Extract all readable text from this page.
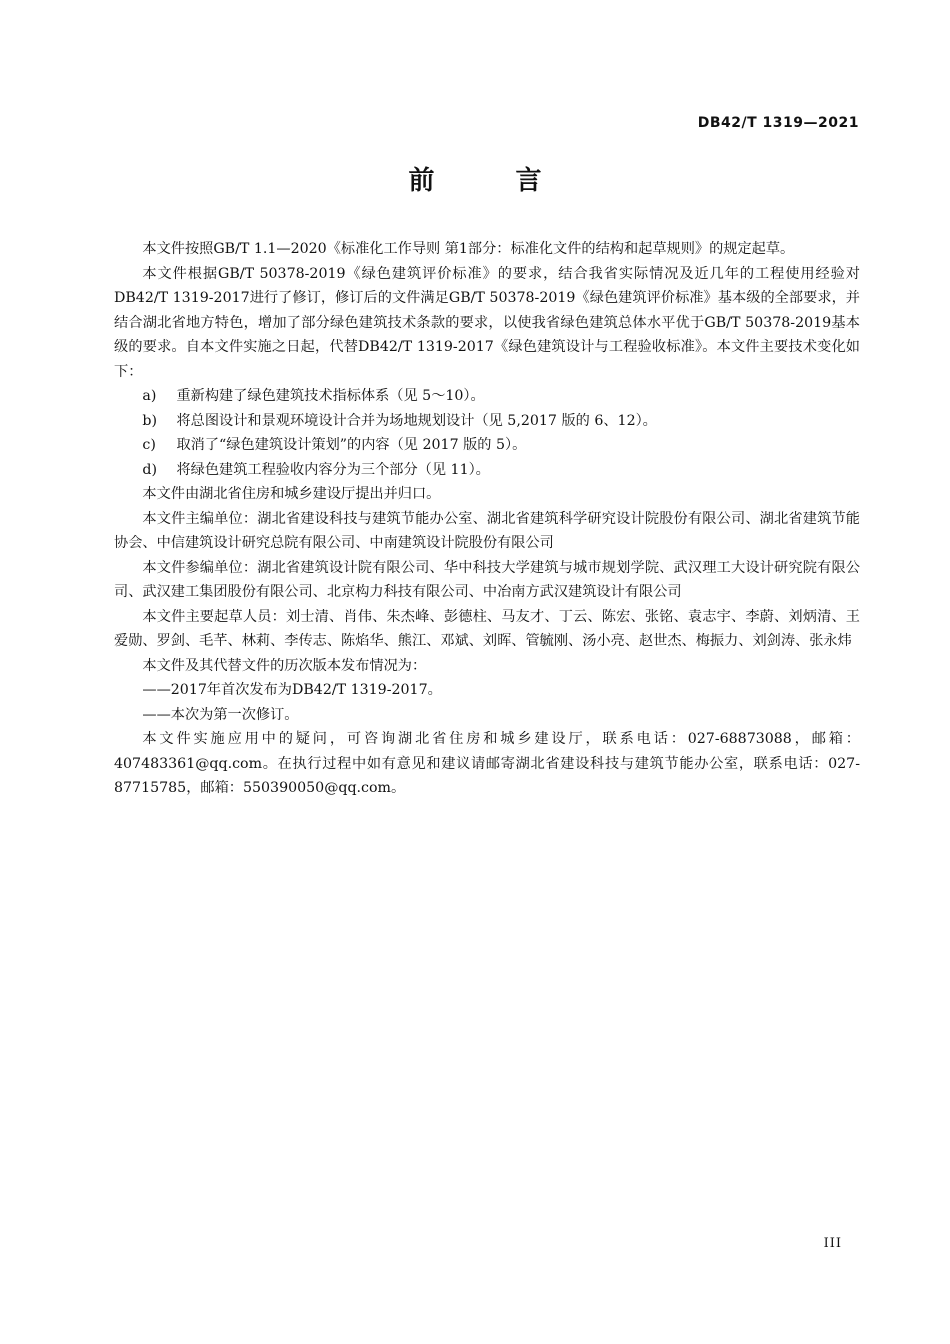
DB42/T 1319—2021
前 言

本文件按照GB/T 1.1—2020《标准化工作导则 第1部分：标准化文件的结构和起草规则》的规定起草。

本文件根据GB/T 50378-2019《绿色建筑评价标准》的要求，结合我省实际情况及近几年的工程使用经验对DB42/T 1319-2017进行了修订，修订后的文件满足GB/T 50378-2019《绿色建筑评价标准》基本级的全部要求，并结合湖北省地方特色，增加了部分绿色建筑技术条款的要求，以使我省绿色建筑总体水平优于GB/T 50378-2019基本级的要求。自本文件实施之日起，代替DB42/T 1319-2017《绿色建筑设计与工程验收标准》。本文件主要技术变化如下：

a) 重新构建了绿色建筑技术指标体系（见 5～10）。
b) 将总图设计和景观环境设计合并为场地规划设计（见 5,2017 版的 6、12）。
c) 取消了“绿色建筑设计策划”的内容（见 2017 版的 5）。
d) 将绿色建筑工程验收内容分为三个部分（见 11）。

本文件由湖北省住房和城乡建设厅提出并归口。

本文件主编单位：湖北省建设科技与建筑节能办公室、湖北省建筑科学研究设计院股份有限公司、湖北省建筑节能协会、中信建筑设计研究总院有限公司、中南建筑设计院股份有限公司

本文件参编单位：湖北省建筑设计院有限公司、华中科技大学建筑与城市规划学院、武汉理工大设计研究院有限公司、武汉建工集团股份有限公司、北京构力科技有限公司、中冶南方武汉建筑设计有限公司

本文件主要起草人员：刘士清、肖伟、朱杰峰、彭德柱、马友才、丁云、陈宏、张铭、袁志宇、李蔚、刘炳清、王爱勋、罗剑、毛芊、林莉、李传志、陈焰华、熊江、邓斌、刘晖、管毓刚、汤小亮、赵世杰、梅振力、刘剑涛、张永炜

本文件及其代替文件的历次版本发布情况为：

——2017年首次发布为DB42/T 1319-2017。

——本次为第一次修订。

本文件实施应用中的疑问，可咨询湖北省住房和城乡建设厅，联系电话：027-68873088，邮箱：407483361@qq.com。在执行过程中如有意见和建议请邮寄湖北省建设科技与建筑节能办公室，联系电话：027-87715785，邮箱：550390050@qq.com。

III
